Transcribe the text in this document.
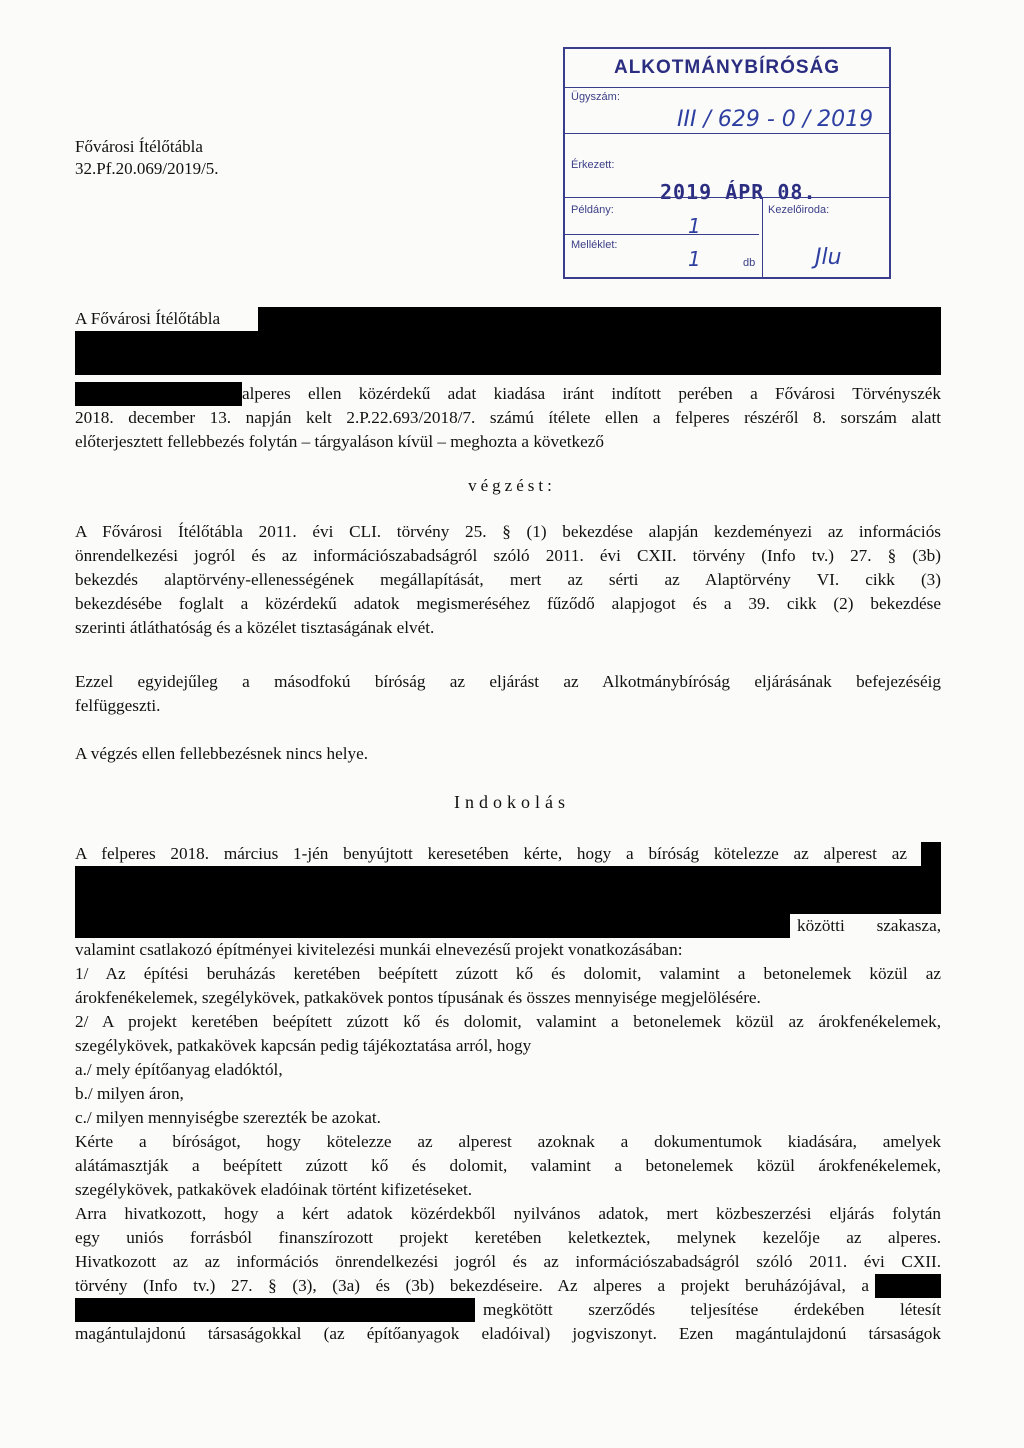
Fővárosi Ítélőtábla
32.Pf.20.069/2019/5.
ALKOTMÁNYBÍRÓSÁG
Ügyszám:
III / 629 - 0 / 2019
Érkezett:
2019 ÁPR 08.
Példány:
1
Kezelőiroda:
Melléklet:
1	db	Jlu
A Fővárosi Ítélőtábla
alperes ellen közérdekű adat kiadása iránt indított perében a Fővárosi Törvényszék
2018. december 13. napján kelt 2.P.22.693/2018/7. számú ítélete ellen a felperes részéről 8. sorszám alatt
előterjesztett fellebbezés folytán – tárgyaláson kívül – meghozta a következő
végzést:
A Fővárosi Ítélőtábla 2011. évi CLI. törvény 25. § (1) bekezdése alapján kezdeményezi az információs
önrendelkezési jogról és az információszabadságról szóló 2011. évi CXII. törvény (Info tv.) 27. § (3b)
bekezdés alaptörvény-ellenességének megállapítását, mert az sérti az Alaptörvény VI. cikk (3)
bekezdésébe foglalt a közérdekű adatok megismeréséhez fűződő alapjogot és a 39. cikk (2) bekezdése
szerinti átláthatóság és a közélet tisztaságának elvét.
Ezzel egyidejűleg a másodfokú bíróság az eljárást az Alkotmánybíróság eljárásának befejezéséig
felfüggeszti.
A végzés ellen fellebbezésnek nincs helye.
Indokolás
A felperes 2018. március 1-jén benyújtott keresetében kérte, hogy a bíróság kötelezze az alperest az
közötti szakasza,
valamint csatlakozó építményei kivitelezési munkái elnevezésű projekt vonatkozásában:
1/ Az építési beruházás keretében beépített zúzott kő és dolomit, valamint a betonelemek közül az
árokfenékelemek, szegélykövek, patkakövek pontos típusának és összes mennyisége megjelölésére.
2/ A projekt keretében beépített zúzott kő és dolomit, valamint a betonelemek közül az árokfenékelemek,
szegélykövek, patkakövek kapcsán pedig tájékoztatása arról, hogy
a./ mely építőanyag eladóktól,
b./ milyen áron,
c./ milyen mennyiségbe szerezték be azokat.
Kérte a bíróságot, hogy kötelezze az alperest azoknak a dokumentumok kiadására, amelyek
alátámasztják a beépített zúzott kő és dolomit, valamint a betonelemek közül árokfenékelemek,
szegélykövek, patkakövek eladóinak történt kifizetéseket.
Arra hivatkozott, hogy a kért adatok közérdekből nyilvános adatok, mert közbeszerzési eljárás folytán
egy uniós forrásból finanszírozott projekt keretében keletkeztek, melynek kezelője az alperes.
Hivatkozott az az információs önrendelkezési jogról és az információszabadságról szóló 2011. évi CXII.
törvény (Info tv.) 27. § (3), (3a) és (3b) bekezdéseire. Az alperes a projekt beruházójával, a
megkötött szerződés teljesítése érdekében létesít
magántulajdonú társaságokkal (az építőanyagok eladóival) jogviszonyt. Ezen magántulajdonú társaságok
